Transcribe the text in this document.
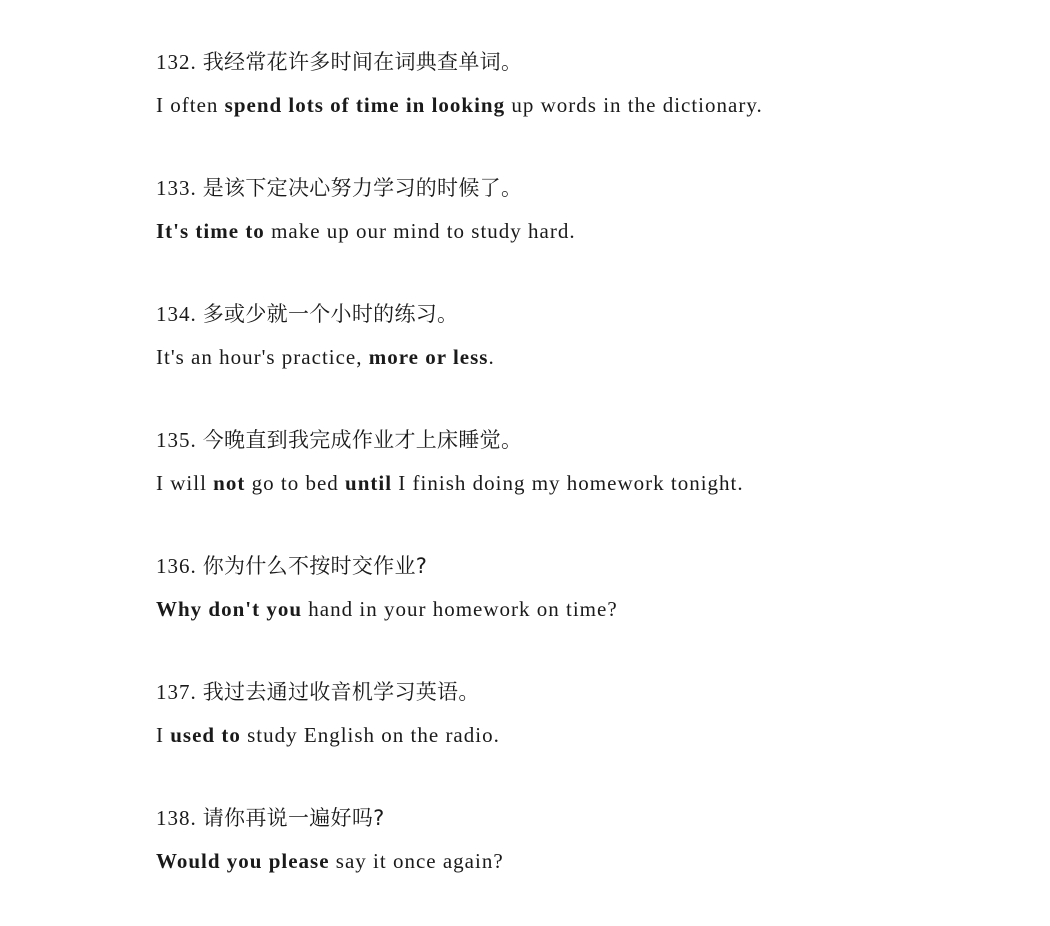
132. 我经常花许多时间在词典查单词。
I often spend lots of time in looking up words in the dictionary.
133. 是该下定决心努力学习的时候了。
It's time to make up our mind to study hard.
134. 多或少就一个小时的练习。
It's an hour's practice, more or less.
135. 今晚直到我完成作业才上床睡觉。
I will not go to bed until I finish doing my homework tonight.
136. 你为什么不按时交作业?
Why don't you hand in your homework on time?
137. 我过去通过收音机学习英语。
I used to study English on the radio.
138. 请你再说一遍好吗?
Would you please say it once again?
